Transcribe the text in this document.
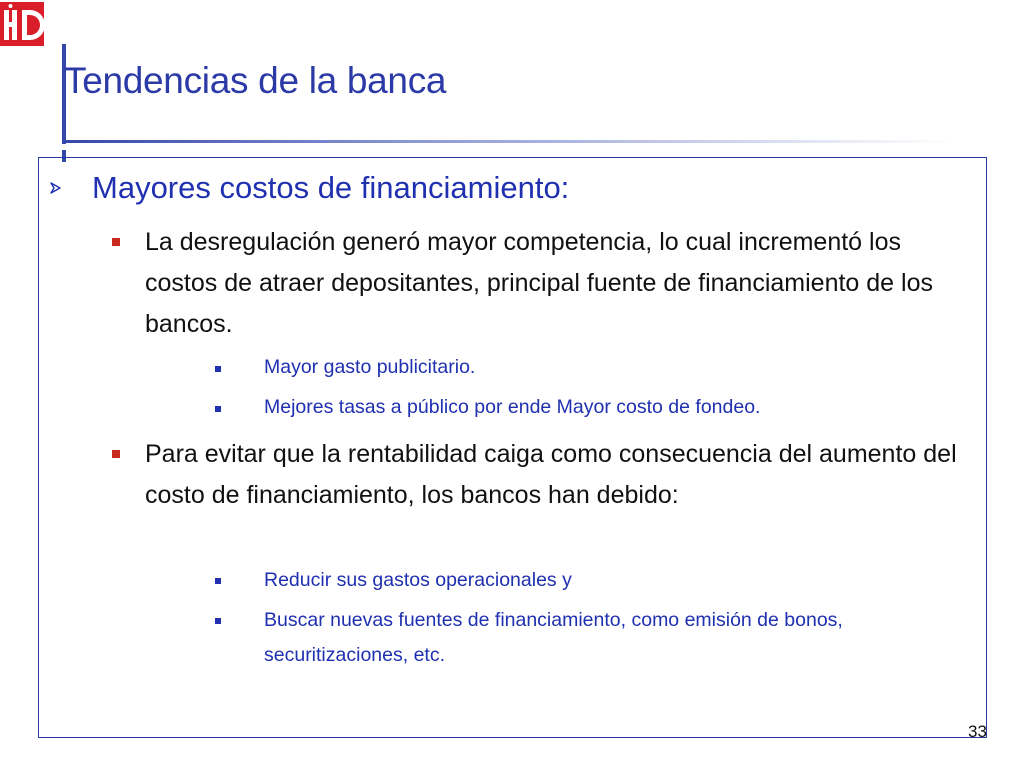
Tendencias de la banca

Mayores costos de financiamiento:

La desregulación generó mayor competencia, lo cual incrementó los costos de atraer depositantes, principal fuente de financiamiento de los bancos.

Mayor gasto publicitario.

Mejores tasas a público por ende Mayor costo de fondeo.

Para evitar que la rentabilidad caiga como consecuencia del aumento del costo de financiamiento, los bancos han debido:

Reducir sus gastos operacionales y

Buscar nuevas fuentes de financiamiento, como emisión de bonos, securitizaciones, etc.

33
